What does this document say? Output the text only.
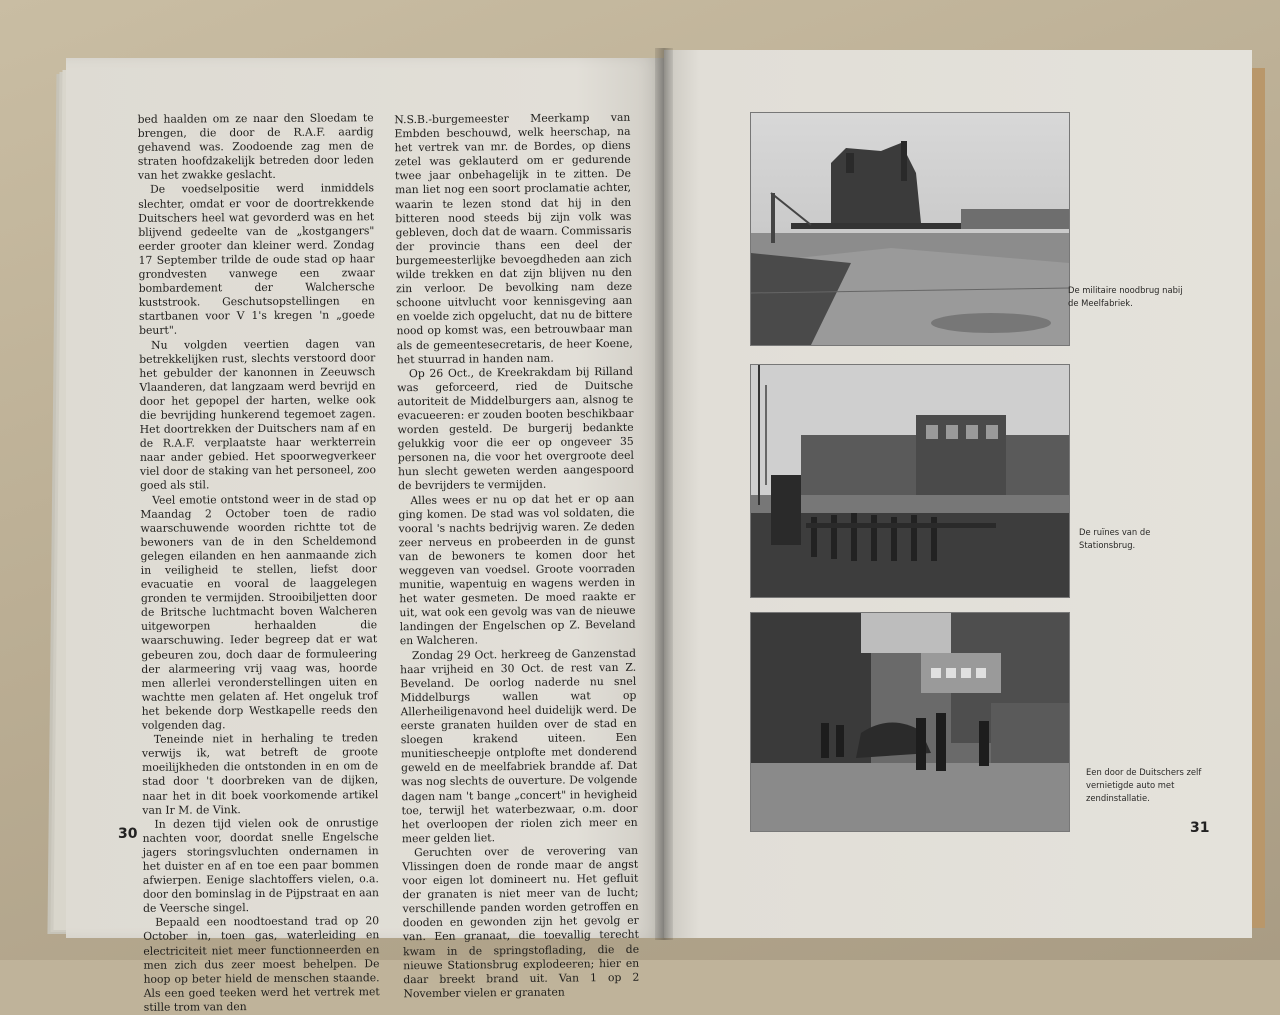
bed haalden om ze naar den Sloedam te brengen, die door de R.A.F. aardig gehavend was. Zoodoende zag men de straten hoofdzakelijk betreden door leden van het zwakke geslacht.

De voedselpositie werd inmiddels slechter, omdat er voor de doortrekkende Duitschers heel wat gevorderd was en het blijvend gedeelte van de „kostgangers" eerder grooter dan kleiner werd. Zondag 17 September trilde de oude stad op haar grondvesten vanwege een zwaar bombardement der Walchersche kuststrook. Geschutsopstellingen en startbanen voor V 1's kregen 'n „goede beurt".

Nu volgden veertien dagen van betrekkelijken rust, slechts verstoord door het gebulder der kanonnen in Zeeuwsch Vlaanderen, dat langzaam werd bevrijd en door het gepopel der harten, welke ook die bevrijding hunkerend tegemoet zagen. Het doortrekken der Duitschers nam af en de R.A.F. verplaatste haar werkterrein naar ander gebied. Het spoorwegverkeer viel door de staking van het personeel, zoo goed als stil.

Veel emotie ontstond weer in de stad op Maandag 2 October toen de radio waarschuwende woorden richtte tot de bewoners van de in den Scheldemond gelegen eilanden en hen aanmaande zich in veiligheid te stellen, liefst door evacuatie en vooral de laaggelegen gronden te vermijden. Strooibiljetten door de Britsche luchtmacht boven Walcheren uitgeworpen herhaalden die waarschuwing. Ieder begreep dat er wat gebeuren zou, doch daar de formuleering der alarmeering vrij vaag was, hoorde men allerlei veronderstellingen uiten en wachtte men gelaten af. Het ongeluk trof het bekende dorp Westkapelle reeds den volgenden dag.

Teneinde niet in herhaling te treden verwijs ik, wat betreft de groote moeilijkheden die ontstonden in en om de stad door 't doorbreken van de dijken, naar het in dit boek voorkomende artikel van Ir M. de Vink.

In dezen tijd vielen ook de onrustige nachten voor, doordat snelle Engelsche jagers storingsvluchten ondernamen in het duister en af en toe een paar bommen afwierpen. Eenige slachtoffers vielen, o.a. door den bominslag in de Pijpstraat en aan de Veersche singel.

Bepaald een noodtoestand trad op 20 October in, toen gas, waterleiding en electriciteit niet meer functionneerden en men zich dus zeer moest behelpen. De hoop op beter hield de menschen staande. Als een goed teeken werd het vertrek met stille trom van den

N.S.B.-burgemeester Meerkamp van Embden beschouwd, welk heerschap, na het vertrek van mr. de Bordes, op diens zetel was geklauterd om er gedurende twee jaar onbehagelijk in te zitten. De man liet nog een soort proclamatie achter, waarin te lezen stond dat hij in den bitteren nood steeds bij zijn volk was gebleven, doch dat de waarn. Commissaris der provincie thans een deel der burgemeesterlijke bevoegdheden aan zich wilde trekken en dat zijn blijven nu den zin verloor. De bevolking nam deze schoone uitvlucht voor kennisgeving aan en voelde zich opgelucht, dat nu de bittere nood op komst was, een betrouwbaar man als de gemeentesecretaris, de heer Koene, het stuurrad in handen nam.

Op 26 Oct., de Kreekrakdam bij Rilland was geforceerd, ried de Duitsche autoriteit de Middelburgers aan, alsnog te evacueeren: er zouden booten beschikbaar worden gesteld. De burgerij bedankte gelukkig voor die eer op ongeveer 35 personen na, die voor het overgroote deel hun slecht geweten werden aangespoord de bevrijders te vermijden.

Alles wees er nu op dat het er op aan ging komen. De stad was vol soldaten, die vooral 's nachts bedrijvig waren. Ze deden zeer nerveus en probeerden in de gunst van de bewoners te komen door het weggeven van voedsel. Groote voorraden munitie, wapentuig en wagens werden in het water gesmeten. De moed raakte er uit, wat ook een gevolg was van de nieuwe landingen der Engelschen op Z. Beveland en Walcheren.

Zondag 29 Oct. herkreeg de Ganzenstad haar vrijheid en 30 Oct. de rest van Z. Beveland. De oorlog naderde nu snel Middelburgs wallen wat op Allerheiligenavond heel duidelijk werd. De eerste granaten huilden over de stad en sloegen krakend uiteen. Een munitiescheepje ontplofte met donderend geweld en de meelfabriek brandde af. Dat was nog slechts de ouverture. De volgende dagen nam 't bange „concert" in hevigheid toe, terwijl het waterbezwaar, o.m. door het overloopen der riolen zich meer en meer gelden liet.

Geruchten over de verovering van Vlissingen doen de ronde maar de angst voor eigen lot domineert nu. Het gefluit der granaten is niet meer van de lucht; verschillende panden worden getroffen en dooden en gewonden zijn het gevolg er van. Een granaat, die toevallig terecht kwam in de springstoflading, die de nieuwe Stationsbrug explodeeren; hier en daar breekt brand uit. Van 1 op 2 November vielen er granaten

30
De militaire noodbrug nabij de Meelfabriek.
De ruïnes van de Stationsbrug.
Een door de Duitschers zelf vernietigde auto met zendinstallatie.
31
